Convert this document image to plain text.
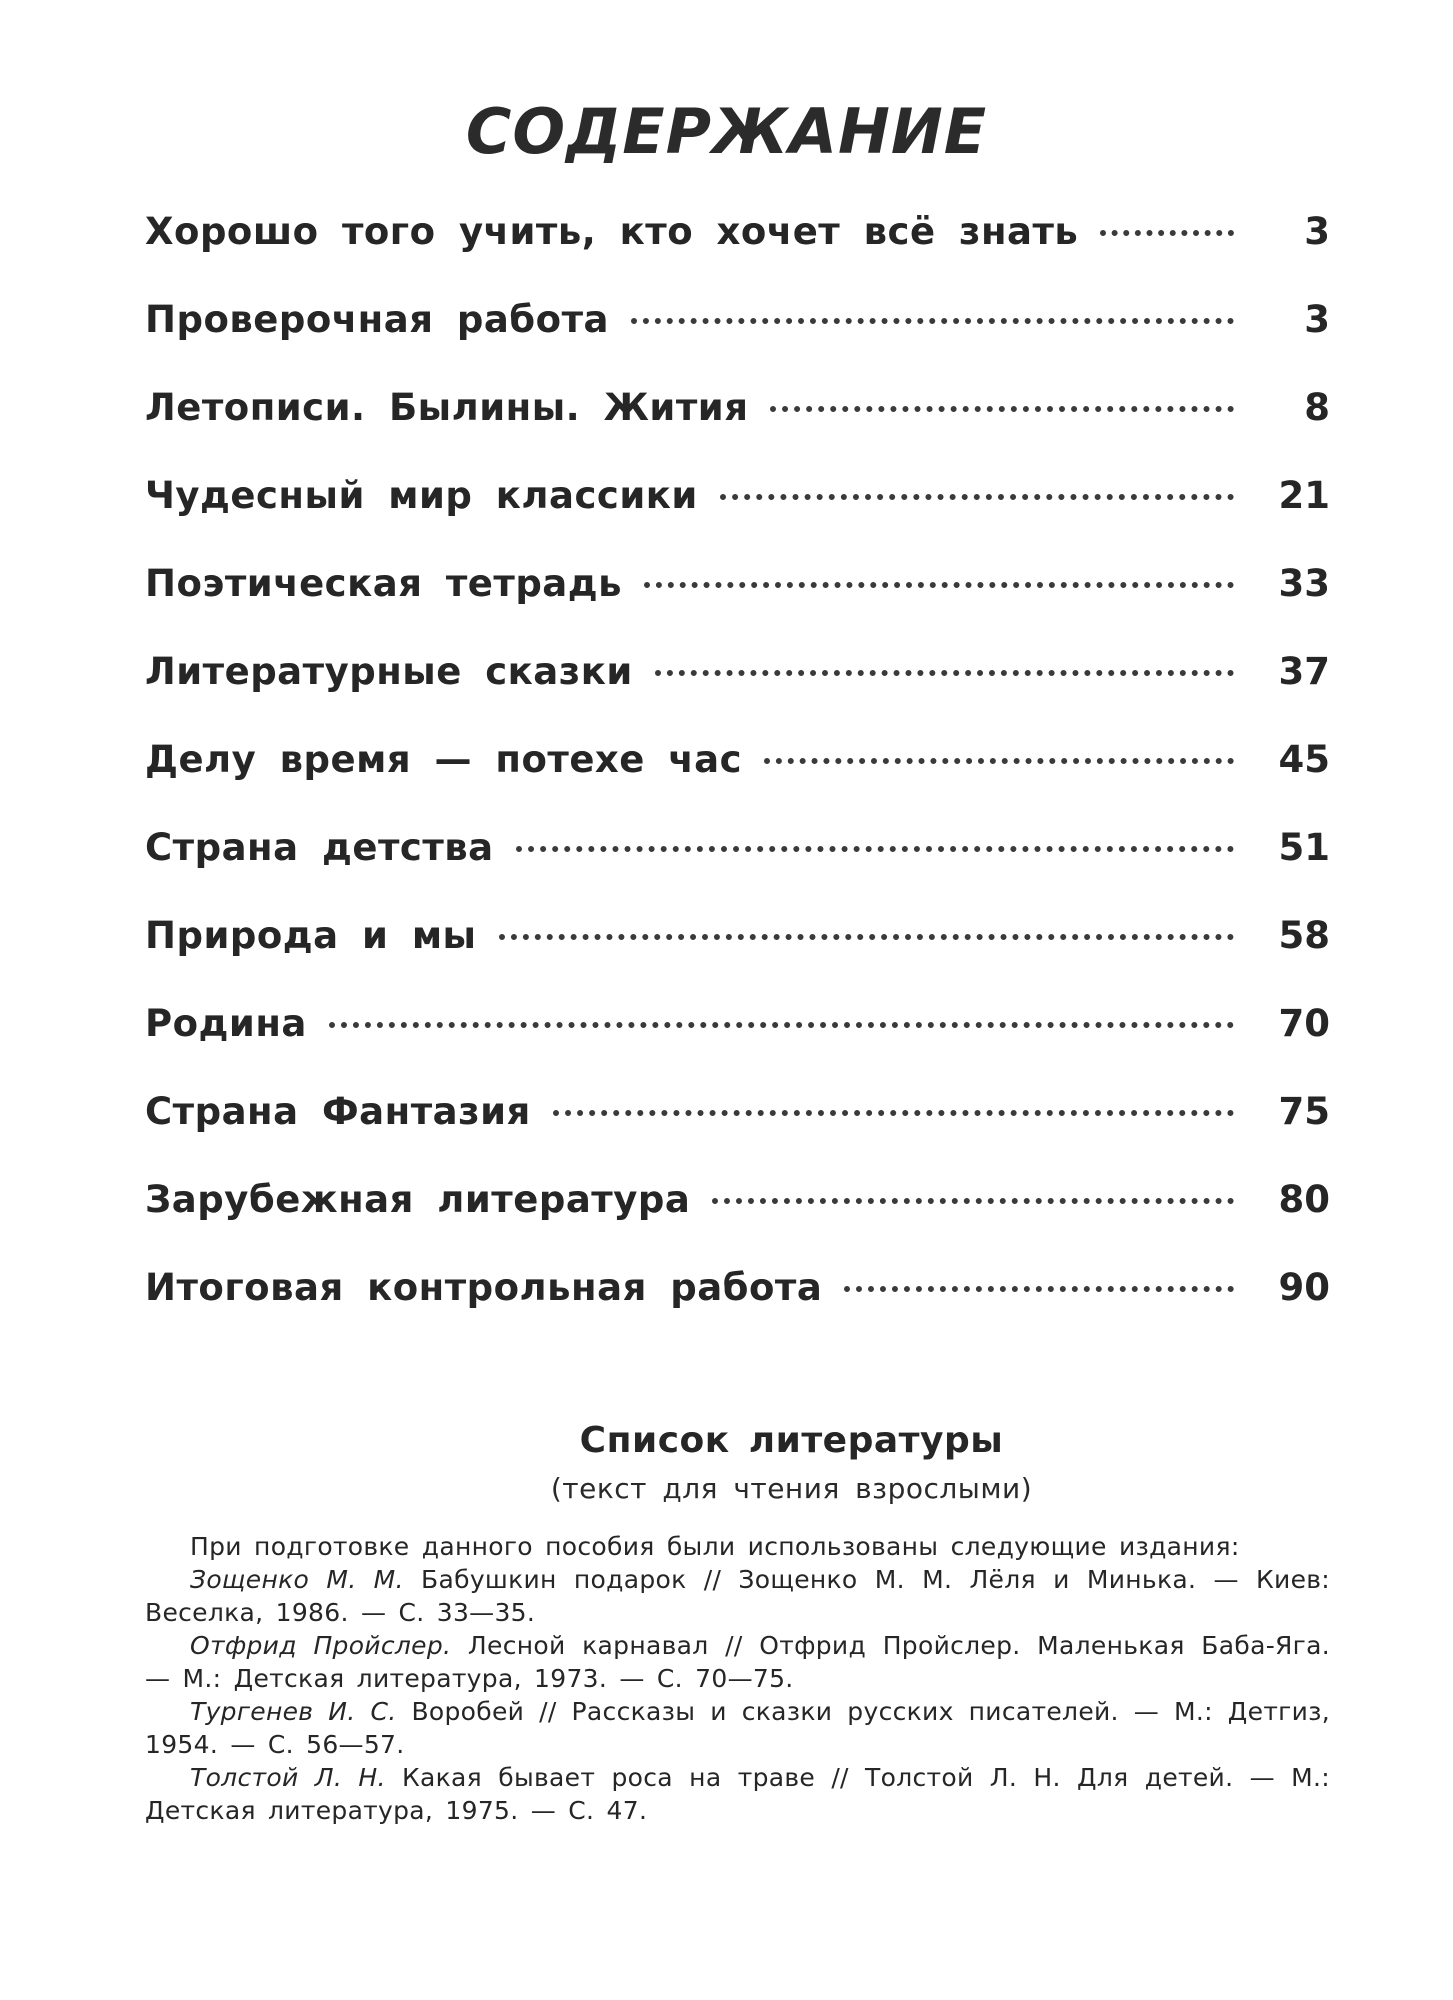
СОДЕРЖАНИЕ
Хорошо того учить, кто хочет всё знать	3
Проверочная работа	3
Летописи. Былины. Жития	8
Чудесный мир классики	21
Поэтическая тетрадь	33
Литературные сказки	37
Делу время — потехе час	45
Страна детства	51
Природа и мы	58
Родина	70
Страна Фантазия	75
Зарубежная литература	80
Итоговая контрольная работа	90
Список литературы
(текст для чтения взрослыми)

При подготовке данного пособия были использованы следующие издания:

Зощенко М. М. Бабушкин подарок // Зощенко М. М. Лёля и Минька. — Киев: Веселка, 1986. — С. 33—35.

Отфрид Пройслер. Лесной карнавал // Отфрид Пройслер. Маленькая Баба-Яга. — М.: Детская литература, 1973. — С. 70—75.

Тургенев И. С. Воробей // Рассказы и сказки русских писателей. — М.: Детгиз, 1954. — С. 56—57.

Толстой Л. Н. Какая бывает роса на траве // Толстой Л. Н. Для детей. — М.: Детская литература, 1975. — С. 47.
